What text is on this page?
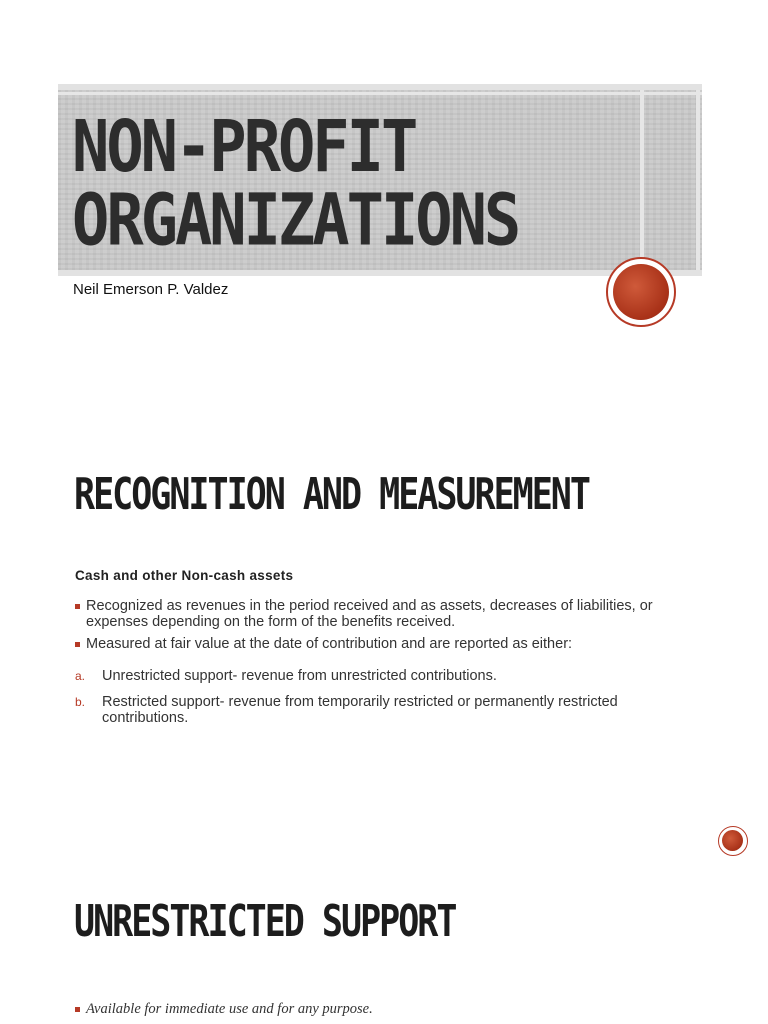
NON-PROFIT
ORGANIZATIONS

Neil Emerson P. Valdez

RECOGNITION AND MEASUREMENT

Cash and other Non-cash assets

Recognized as revenues in the period received and as assets, decreases of liabilities, or expenses depending on the form of the benefits received.
Measured at fair value at the date of contribution and are reported as either:
a. Unrestricted support- revenue from unrestricted contributions.
b. Restricted support- revenue from temporarily restricted or permanently restricted contributions.
UNRESTRICTED SUPPORT
Available for immediate use and for any purpose.
